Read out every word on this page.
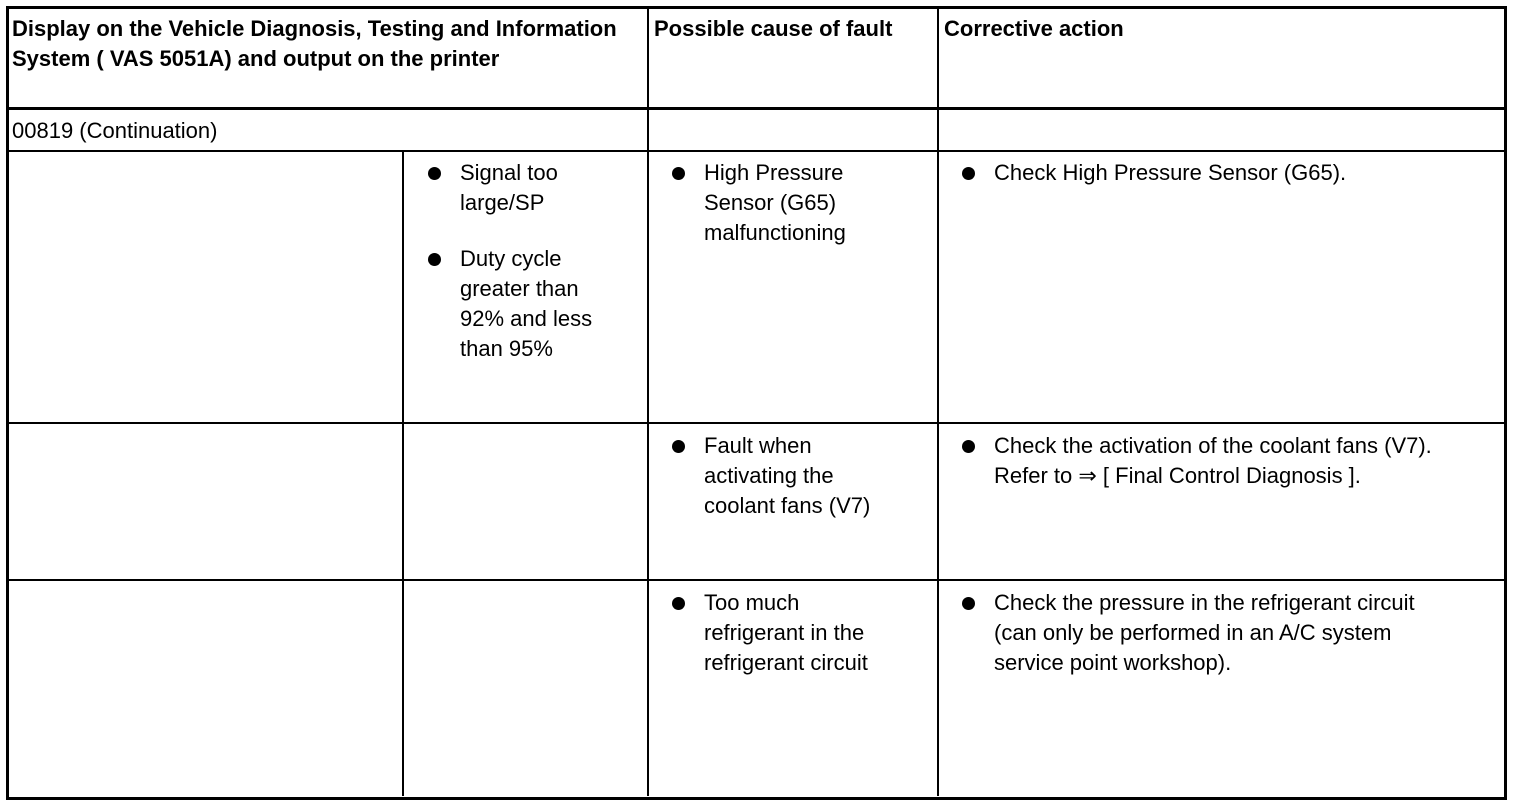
Display on the Vehicle Diagnosis, Testing and Information System ( VAS 5051A) and output on the printer
Possible cause of fault	Corrective action
00819 (Continuation)

Signal too
large/SP

Duty cycle
greater than
92% and less
than 95%

High Pressure
Sensor (G65)
malfunctioning

Check High Pressure Sensor (G65).

Fault when
activating the
coolant fans (V7)

Check the activation of the coolant fans (V7).
Refer to ⇒ [ Final Control Diagnosis ].

Too much
refrigerant in the
refrigerant circuit

Check the pressure in the refrigerant circuit
(can only be performed in an A/C system
service point workshop).
